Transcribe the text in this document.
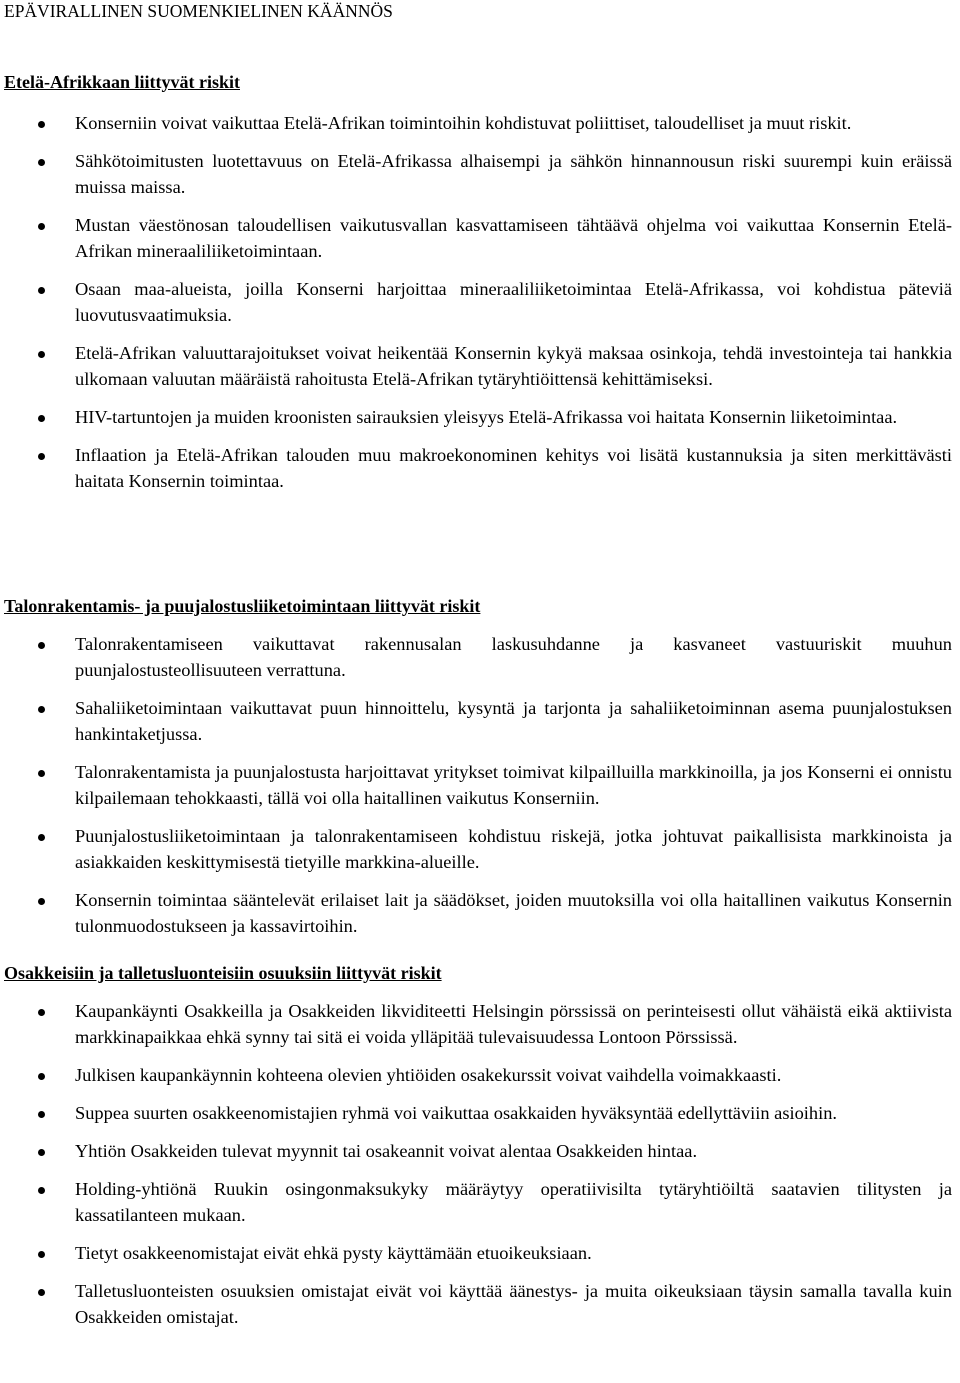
EPÄVIRALLINEN SUOMENKIELINEN KÄÄNNÖS
Etelä-Afrikkaan liittyvät riskit
Konserniin voivat vaikuttaa Etelä-Afrikan toimintoihin kohdistuvat poliittiset, taloudelliset ja muut riskit.
Sähkötoimitusten luotettavuus on Etelä-Afrikassa alhaisempi ja sähkön hinnannousun riski suurempi kuin eräissä muissa maissa.
Mustan väestönosan taloudellisen vaikutusvallan kasvattamiseen tähtäävä ohjelma voi vaikuttaa Konsernin Etelä-Afrikan mineraaliliiketoimintaan.
Osaan maa-alueista, joilla Konserni harjoittaa mineraaliliiketoimintaa Etelä-Afrikassa, voi kohdistua päteviä luovutusvaatimuksia.
Etelä-Afrikan valuuttarajoitukset voivat heikentää Konsernin kykyä maksaa osinkoja, tehdä investointeja tai hankkia ulkomaan valuutan määräistä rahoitusta Etelä-Afrikan tytäryhtiöittensä kehittämiseksi.
HIV-tartuntojen ja muiden kroonisten sairauksien yleisyys Etelä-Afrikassa voi haitata Konsernin liiketoimintaa.
Inflaation ja Etelä-Afrikan talouden muu makroekonominen kehitys voi lisätä kustannuksia ja siten merkittävästi haitata Konsernin toimintaa.
Talonrakentamis- ja puujalostusliiketoimintaan liittyvät riskit
Talonrakentamiseen vaikuttavat rakennusalan laskusuhdanne ja kasvaneet vastuuriskit muuhun puunjalostusteollisuuteen verrattuna.
Sahaliiketoimintaan vaikuttavat puun hinnoittelu, kysyntä ja tarjonta ja sahaliiketoiminnan asema puunjalostuksen hankintaketjussa.
Talonrakentamista ja puunjalostusta harjoittavat yritykset toimivat kilpailluilla markkinoilla, ja jos Konserni ei onnistu kilpailemaan tehokkaasti, tällä voi olla haitallinen vaikutus Konserniin.
Puunjalostusliiketoimintaan ja talonrakentamiseen kohdistuu riskejä, jotka johtuvat paikallisista markkinoista ja asiakkaiden keskittymisestä tietyille markkina-alueille.
Konsernin toimintaa sääntelevät erilaiset lait ja säädökset, joiden muutoksilla voi olla haitallinen vaikutus Konsernin tulonmuodostukseen ja kassavirtoihin.
Osakkeisiin ja talletusluonteisiin osuuksiin liittyvät riskit
Kaupankäynti Osakkeilla ja Osakkeiden likviditeetti Helsingin pörssissä on perinteisesti ollut vähäistä eikä aktiivista markkinapaikkaa ehkä synny tai sitä ei voida ylläpitää tulevaisuudessa Lontoon Pörssissä.
Julkisen kaupankäynnin kohteena olevien yhtiöiden osakekurssit voivat vaihdella voimakkaasti.
Suppea suurten osakkeenomistajien ryhmä voi vaikuttaa osakkaiden hyväksyntää edellyttäviin asioihin.
Yhtiön Osakkeiden tulevat myynnit tai osakeannit voivat alentaa Osakkeiden hintaa.
Holding-yhtiönä Ruukin osingonmaksukyky määräytyy operatiivisilta tytäryhtiöiltä saatavien tilitysten ja kassatilanteen mukaan.
Tietyt osakkeenomistajat eivät ehkä pysty käyttämään etuoikeuksiaan.
Talletusluonteisten osuuksien omistajat eivät voi käyttää äänestys- ja muita oikeuksiaan täysin samalla tavalla kuin Osakkeiden omistajat.
